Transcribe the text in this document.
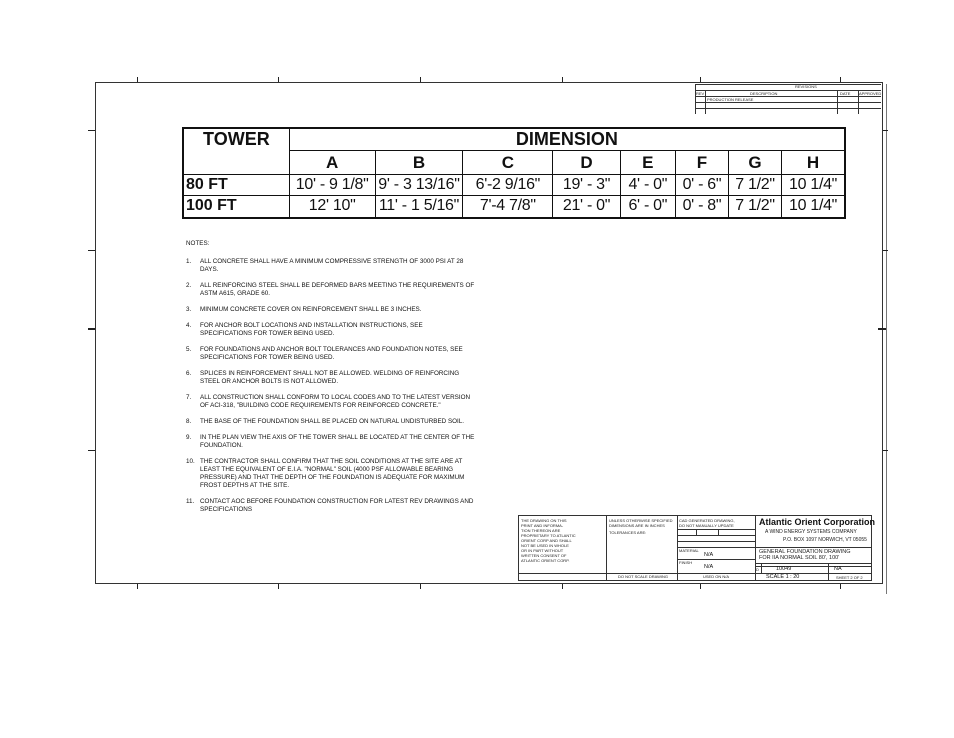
REVISIONS
REV	DESCRIPTION	DATE APPROVED
PRODUCTION RELEASE
TOWER	DIMENSION							
	A	B	C	D	E	F	G	H
80 FT	10' - 9 1/8"	9' - 3 13/16"	6'-2 9/16"	19' - 3"	4' - 0"	0' - 6"	7 1/2"	10 1/4"
100 FT	12' 10"	11' - 1 5/16"	7'-4 7/8"	21' - 0"	6' - 0"	0' - 8"	7 1/2"	10 1/4"
NOTES:
1. ALL CONCRETE SHALL HAVE A MINIMUM COMPRESSIVE STRENGTH OF 3000 PSI AT 28 DAYS.
2. ALL REINFORCING STEEL SHALL BE DEFORMED BARS MEETING THE REQUIREMENTS OF ASTM A615, GRADE 60.
3. MINIMUM CONCRETE COVER ON REINFORCEMENT SHALL BE 3 INCHES.
4. FOR ANCHOR BOLT LOCATIONS AND INSTALLATION INSTRUCTIONS, SEE SPECIFICATIONS FOR TOWER BEING USED.
5. FOR FOUNDATIONS AND ANCHOR BOLT TOLERANCES AND FOUNDATION NOTES, SEE SPECIFICATIONS FOR TOWER BEING USED.
6. SPLICES IN REINFORCEMENT SHALL NOT BE ALLOWED. WELDING OF REINFORCING STEEL OR ANCHOR BOLTS IS NOT ALLOWED.
7. ALL CONSTRUCTION SHALL CONFORM TO LOCAL CODES AND TO THE LATEST VERSION OF ACI-318, "BUILDING CODE REQUIREMENTS FOR REINFORCED CONCRETE."
8. THE BASE OF THE FOUNDATION SHALL BE PLACED ON NATURAL UNDISTURBED SOIL.
9. IN THE PLAN VIEW THE AXIS OF THE TOWER SHALL BE LOCATED AT THE CENTER OF THE FOUNDATION.
10. THE CONTRACTOR SHALL CONFIRM THAT THE SOIL CONDITIONS AT THE SITE ARE AT LEAST THE EQUIVALENT OF E.I.A. "NORMAL" SOIL (4000 PSF ALLOWABLE BEARING PRESSURE) AND THAT THE DEPTH OF THE FOUNDATION IS ADEQUATE FOR MAXIMUM FROST DEPTHS AT THE SITE.
11. CONTACT AOC BEFORE FOUNDATION CONSTRUCTION FOR LATEST REV DRAWINGS AND SPECIFICATIONS
THE DRAWING ON THIS
PRINT AND INFORMA-
TION THEREON ARE
PROPRIETARY TO ATLANTIC
ORIENT CORP AND SHALL
NOT BE USED IN WHOLE
OR IN PART WITHOUT
WRITTEN CONSENT OF
ATLANTIC ORIENT CORP.
DO NOT SCALE DRAWING
UNLESS OTHERWISE SPECIFIED
DIMENSIONS ARE IN INCHES
TOLERANCES ARE:
USED ON N/A
CAD GENERATED DRAWING,
DO NOT MANUALLY UPDATE
MATERIAL
N/A
FINISH
N/A
Atlantic Orient Corporation
A WIND ENERGY SYSTEMS COMPANY
P.O. BOX 1097 NORWICH, VT 05055
GENERAL FOUNDATION DRAWING
FOR IIA NORMAL SOIL 80', 100'
D	10049	NA
SCALE 1 : 20	SHEET 2 OF 2
